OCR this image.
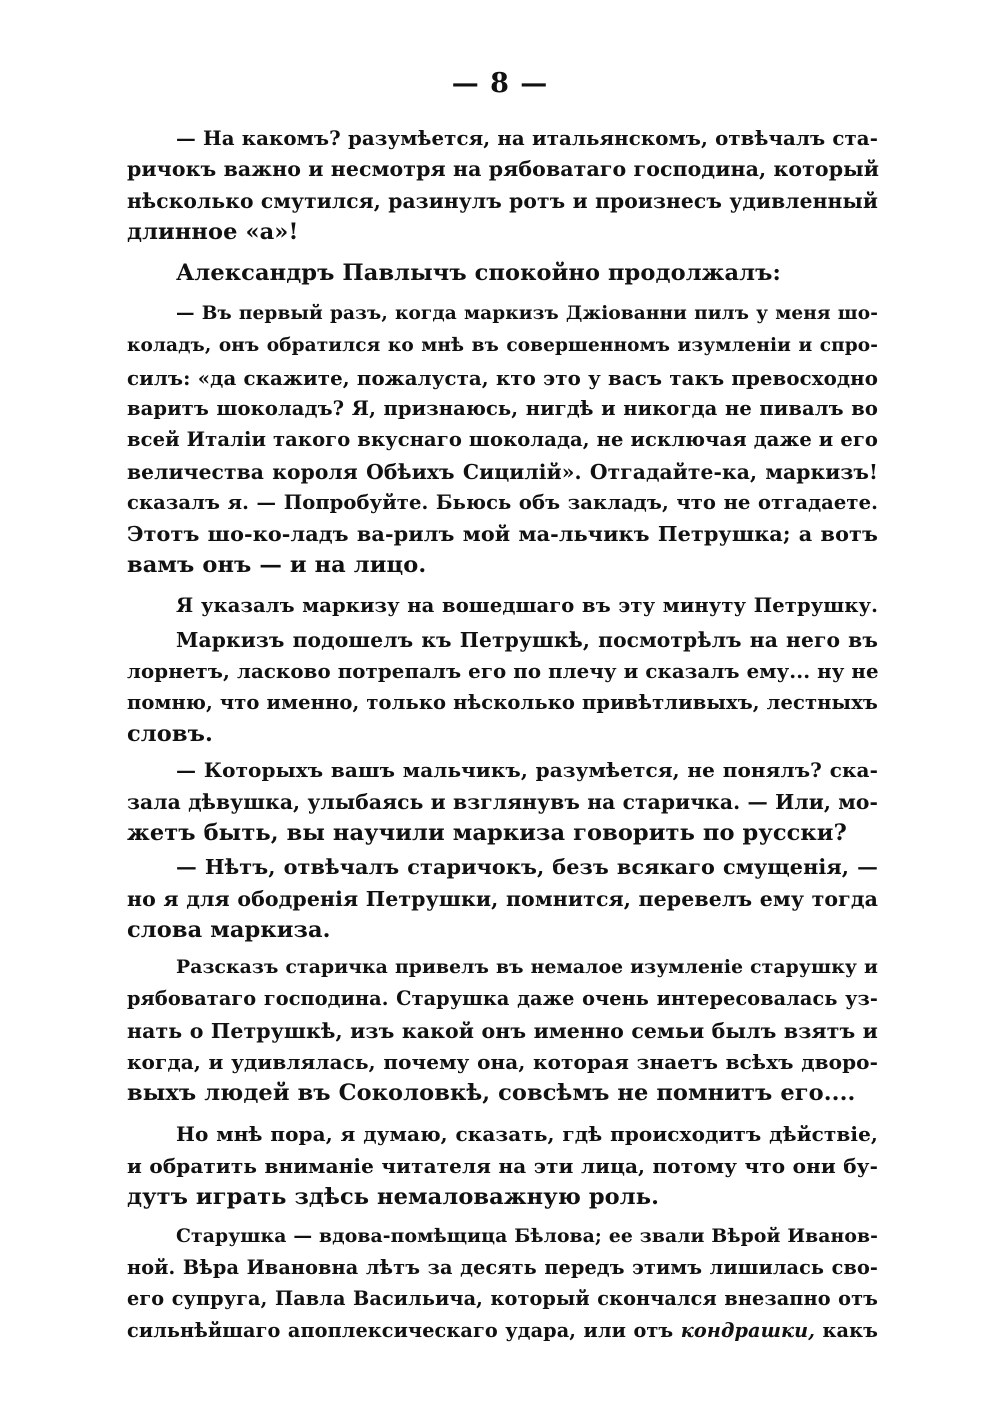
— 8 —
— На какомъ? разумѣется, на итальянскомъ, отвѣчалъ ста-
ричокъ важно и несмотря на рябоватаго господина, который
нѣсколько смутился, разинулъ ротъ и произнесъ удивленный
длинное «а»!
Александръ Павлычъ спокойно продолжалъ:
— Въ первый разъ, когда маркизъ Джіованни пилъ у меня шо-
коладъ, онъ обратился ко мнѣ въ совершенномъ изумленіи и спро-
силъ: «да скажите, пожалуста, кто это у васъ такъ превосходно
варитъ шоколадъ? Я, признаюсь, нигдѣ и никогда не пивалъ во
всей Италіи такого вкуснаго шоколада, не исключая даже и его
величества короля Обѣихъ Сицилій». Отгадайте-ка, маркизъ!
сказалъ я. — Попробуйте. Бьюсь объ закладъ, что не отгадаете.
Этотъ шо-ко-ладъ ва-рилъ мой ма-льчикъ Петрушка; а вотъ
вамъ онъ — и на лицо.
Я указалъ маркизу на вошедшаго въ эту минуту Петрушку.
Маркизъ подошелъ къ Петрушкѣ, посмотрѣлъ на него въ
лорнетъ, ласково потрепалъ его по плечу и сказалъ ему... ну не
помню, что именно, только нѣсколько привѣтливыхъ, лестныхъ
словъ.
— Которыхъ вашъ мальчикъ, разумѣется, не понялъ? ска-
зала дѣвушка, улыбаясь и взглянувъ на старичка. — Или, мо-
жетъ быть, вы научили маркиза говорить по русски?
— Нѣтъ, отвѣчалъ старичокъ, безъ всякаго смущенія, —
но я для ободренія Петрушки, помнится, перевелъ ему тогда
слова маркиза.
Разсказъ старичка привелъ въ немалое изумленіе старушку и
рябоватаго господина. Старушка даже очень интересовалась уз-
нать о Петрушкѣ, изъ какой онъ именно семьи былъ взятъ и
когда, и удивлялась, почему она, которая знаетъ всѣхъ дворо-
выхъ людей въ Соколовкѣ, совсѣмъ не помнитъ его....
Но мнѣ пора, я думаю, сказать, гдѣ происходитъ дѣйствіе,
и обратить вниманіе читателя на эти лица, потому что они бу-
дутъ играть здѣсь немаловажную роль.
Старушка — вдова-помѣщица Бѣлова; ее звали Вѣрой Иванов-
ной. Вѣра Ивановна лѣтъ за десять передъ этимъ лишилась сво-
его супруга, Павла Васильича, который скончался внезапно отъ
сильнѣйшаго апоплексическаго удара, или отъ кондрашки, какъ
